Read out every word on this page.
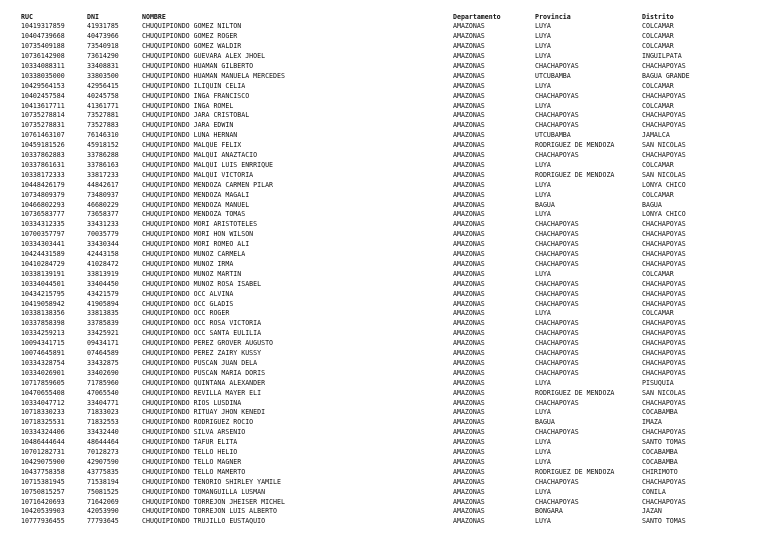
RUC	DNI	NOMBRE	Departamento	Provincia	Distrito
10419317859	41931785	CHUQUIPIONDO GOMEZ NILTON	AMAZONAS	LUYA	COLCAMAR
10404739668	40473966	CHUQUIPIONDO GOMEZ ROGER	AMAZONAS	LUYA	COLCAMAR
10735409188	73540918	CHUQUIPIONDO GOMEZ WALDIR	AMAZONAS	LUYA	COLCAMAR
10736142908	73614290	CHUQUIPIONDO GUEVARA ALEX JHOEL	AMAZONAS	LUYA	INGUILPATA
10334088311	33408831	CHUQUIPIONDO HUAMAN GILBERTO	AMAZONAS	CHACHAPOYAS	CHACHAPOYAS
10338035000	33803500	CHUQUIPIONDO HUAMAN MANUELA MERCEDES	AMAZONAS	UTCUBAMBA	BAGUA GRANDE
10429564153	42956415	CHUQUIPIONDO ILIQUIN CELIA	AMAZONAS	LUYA	COLCAMAR
10402457584	40245758	CHUQUIPIONDO INGA FRANCISCO	AMAZONAS	CHACHAPOYAS	CHACHAPOYAS
10413617711	41361771	CHUQUIPIONDO INGA ROMEL	AMAZONAS	LUYA	COLCAMAR
10735278814	73527881	CHUQUIPIONDO JARA CRISTOBAL	AMAZONAS	CHACHAPOYAS	CHACHAPOYAS
10735278831	73527883	CHUQUIPIONDO JARA EDWIN	AMAZONAS	CHACHAPOYAS	CHACHAPOYAS
10761463107	76146310	CHUQUIPIONDO LUNA HERNAN	AMAZONAS	UTCUBAMBA	JAMALCA
10459181526	45918152	CHUQUIPIONDO MALQUE FELIX	AMAZONAS	RODRIGUEZ DE MENDOZA	SAN NICOLAS
10337862883	33786288	CHUQUIPIONDO MALQUI ANAZTACIO	AMAZONAS	CHACHAPOYAS	CHACHAPOYAS
10337861631	33786163	CHUQUIPIONDO MALQUI LUIS ENRRIQUE	AMAZONAS	LUYA	COLCAMAR
10338172333	33817233	CHUQUIPIONDO MALQUI VICTORIA	AMAZONAS	RODRIGUEZ DE MENDOZA	SAN NICOLAS
10448426179	44842617	CHUQUIPIONDO MENDOZA CARMEN PILAR	AMAZONAS	LUYA	LONYA CHICO
10734809379	73480937	CHUQUIPIONDO MENDOZA MAGALI	AMAZONAS	LUYA	COLCAMAR
10466802293	46680229	CHUQUIPIONDO MENDOZA MANUEL	AMAZONAS	BAGUA	BAGUA
10736583777	73658377	CHUQUIPIONDO MENDOZA TOMAS	AMAZONAS	LUYA	LONYA CHICO
10334312335	33431233	CHUQUIPIONDO MORI ARISTOTELES	AMAZONAS	CHACHAPOYAS	CHACHAPOYAS
10700357797	70035779	CHUQUIPIONDO MORI HON WILSON	AMAZONAS	CHACHAPOYAS	CHACHAPOYAS
10334303441	33430344	CHUQUIPIONDO MORI ROMEO ALI	AMAZONAS	CHACHAPOYAS	CHACHAPOYAS
10424431589	42443158	CHUQUIPIONDO MUÑOZ CARMELA	AMAZONAS	CHACHAPOYAS	CHACHAPOYAS
10410284729	41028472	CHUQUIPIONDO MUÑOZ IRMA	AMAZONAS	CHACHAPOYAS	CHACHAPOYAS
10338139191	33813919	CHUQUIPIONDO MUÑOZ MARTIN	AMAZONAS	LUYA	COLCAMAR
10334044501	33404450	CHUQUIPIONDO MUÑOZ ROSA ISABEL	AMAZONAS	CHACHAPOYAS	CHACHAPOYAS
10434215795	43421579	CHUQUIPIONDO OCC ALVINA	AMAZONAS	CHACHAPOYAS	CHACHAPOYAS
10419058942	41905894	CHUQUIPIONDO OCC GLADIS	AMAZONAS	CHACHAPOYAS	CHACHAPOYAS
10338138356	33813835	CHUQUIPIONDO OCC ROGER	AMAZONAS	LUYA	COLCAMAR
10337858398	33785839	CHUQUIPIONDO OCC ROSA VICTORIA	AMAZONAS	CHACHAPOYAS	CHACHAPOYAS
10334259213	33425921	CHUQUIPIONDO OCC SANTA EULILIA	AMAZONAS	CHACHAPOYAS	CHACHAPOYAS
10094341715	09434171	CHUQUIPIONDO PEREZ GROVER AUGUSTO	AMAZONAS	CHACHAPOYAS	CHACHAPOYAS
10074645891	07464589	CHUQUIPIONDO PEREZ ZAIRY KUSSY	AMAZONAS	CHACHAPOYAS	CHACHAPOYAS
10334328754	33432875	CHUQUIPIONDO PUSCAN JUAN DELA	AMAZONAS	CHACHAPOYAS	CHACHAPOYAS
10334026901	33402690	CHUQUIPIONDO PUSCAN MARIA DORIS	AMAZONAS	CHACHAPOYAS	CHACHAPOYAS
10717859605	71785960	CHUQUIPIONDO QUINTANA ALEXANDER	AMAZONAS	LUYA	PISUQUIA
10470655408	47065540	CHUQUIPIONDO REVILLA MAYER ELI	AMAZONAS	RODRIGUEZ DE MENDOZA	SAN NICOLAS
10334047712	33404771	CHUQUIPIONDO RIOS LUSDINA	AMAZONAS	CHACHAPOYAS	CHACHAPOYAS
10718330233	71833023	CHUQUIPIONDO RITUAY JHON KENEDI	AMAZONAS	LUYA	COCABAMBA
10718325531	71832553	CHUQUIPIONDO RODRIGUEZ ROCIO	AMAZONAS	BAGUA	IMAZA
10334324406	33432440	CHUQUIPIONDO SILVA ARSENIO	AMAZONAS	CHACHAPOYAS	CHACHAPOYAS
10486444644	48644464	CHUQUIPIONDO TAFUR ELITA	AMAZONAS	LUYA	SANTO TOMAS
10701282731	70128273	CHUQUIPIONDO TELLO HELIO	AMAZONAS	LUYA	COCABAMBA
10429075900	42907590	CHUQUIPIONDO TELLO MAGNER	AMAZONAS	LUYA	COCABAMBA
10437758358	43775835	CHUQUIPIONDO TELLO MAMERTO	AMAZONAS	RODRIGUEZ DE MENDOZA	CHIRIMOTO
10715381945	71538194	CHUQUIPIONDO TENORIO SHIRLEY YAMILE	AMAZONAS	CHACHAPOYAS	CHACHAPOYAS
10750815257	75081525	CHUQUIPIONDO TOMANGUILLA LUSMAN	AMAZONAS	LUYA	CONILA
10716420693	71642069	CHUQUIPIONDO TORREJON JHEISER MICHEL	AMAZONAS	CHACHAPOYAS	CHACHAPOYAS
10420539903	42053990	CHUQUIPIONDO TORREJON LUIS ALBERTO	AMAZONAS	BONGARA	JAZAN
10777936455	77793645	CHUQUIPIONDO TRUJILLO EUSTAQUIO	AMAZONAS	LUYA	SANTO TOMAS
